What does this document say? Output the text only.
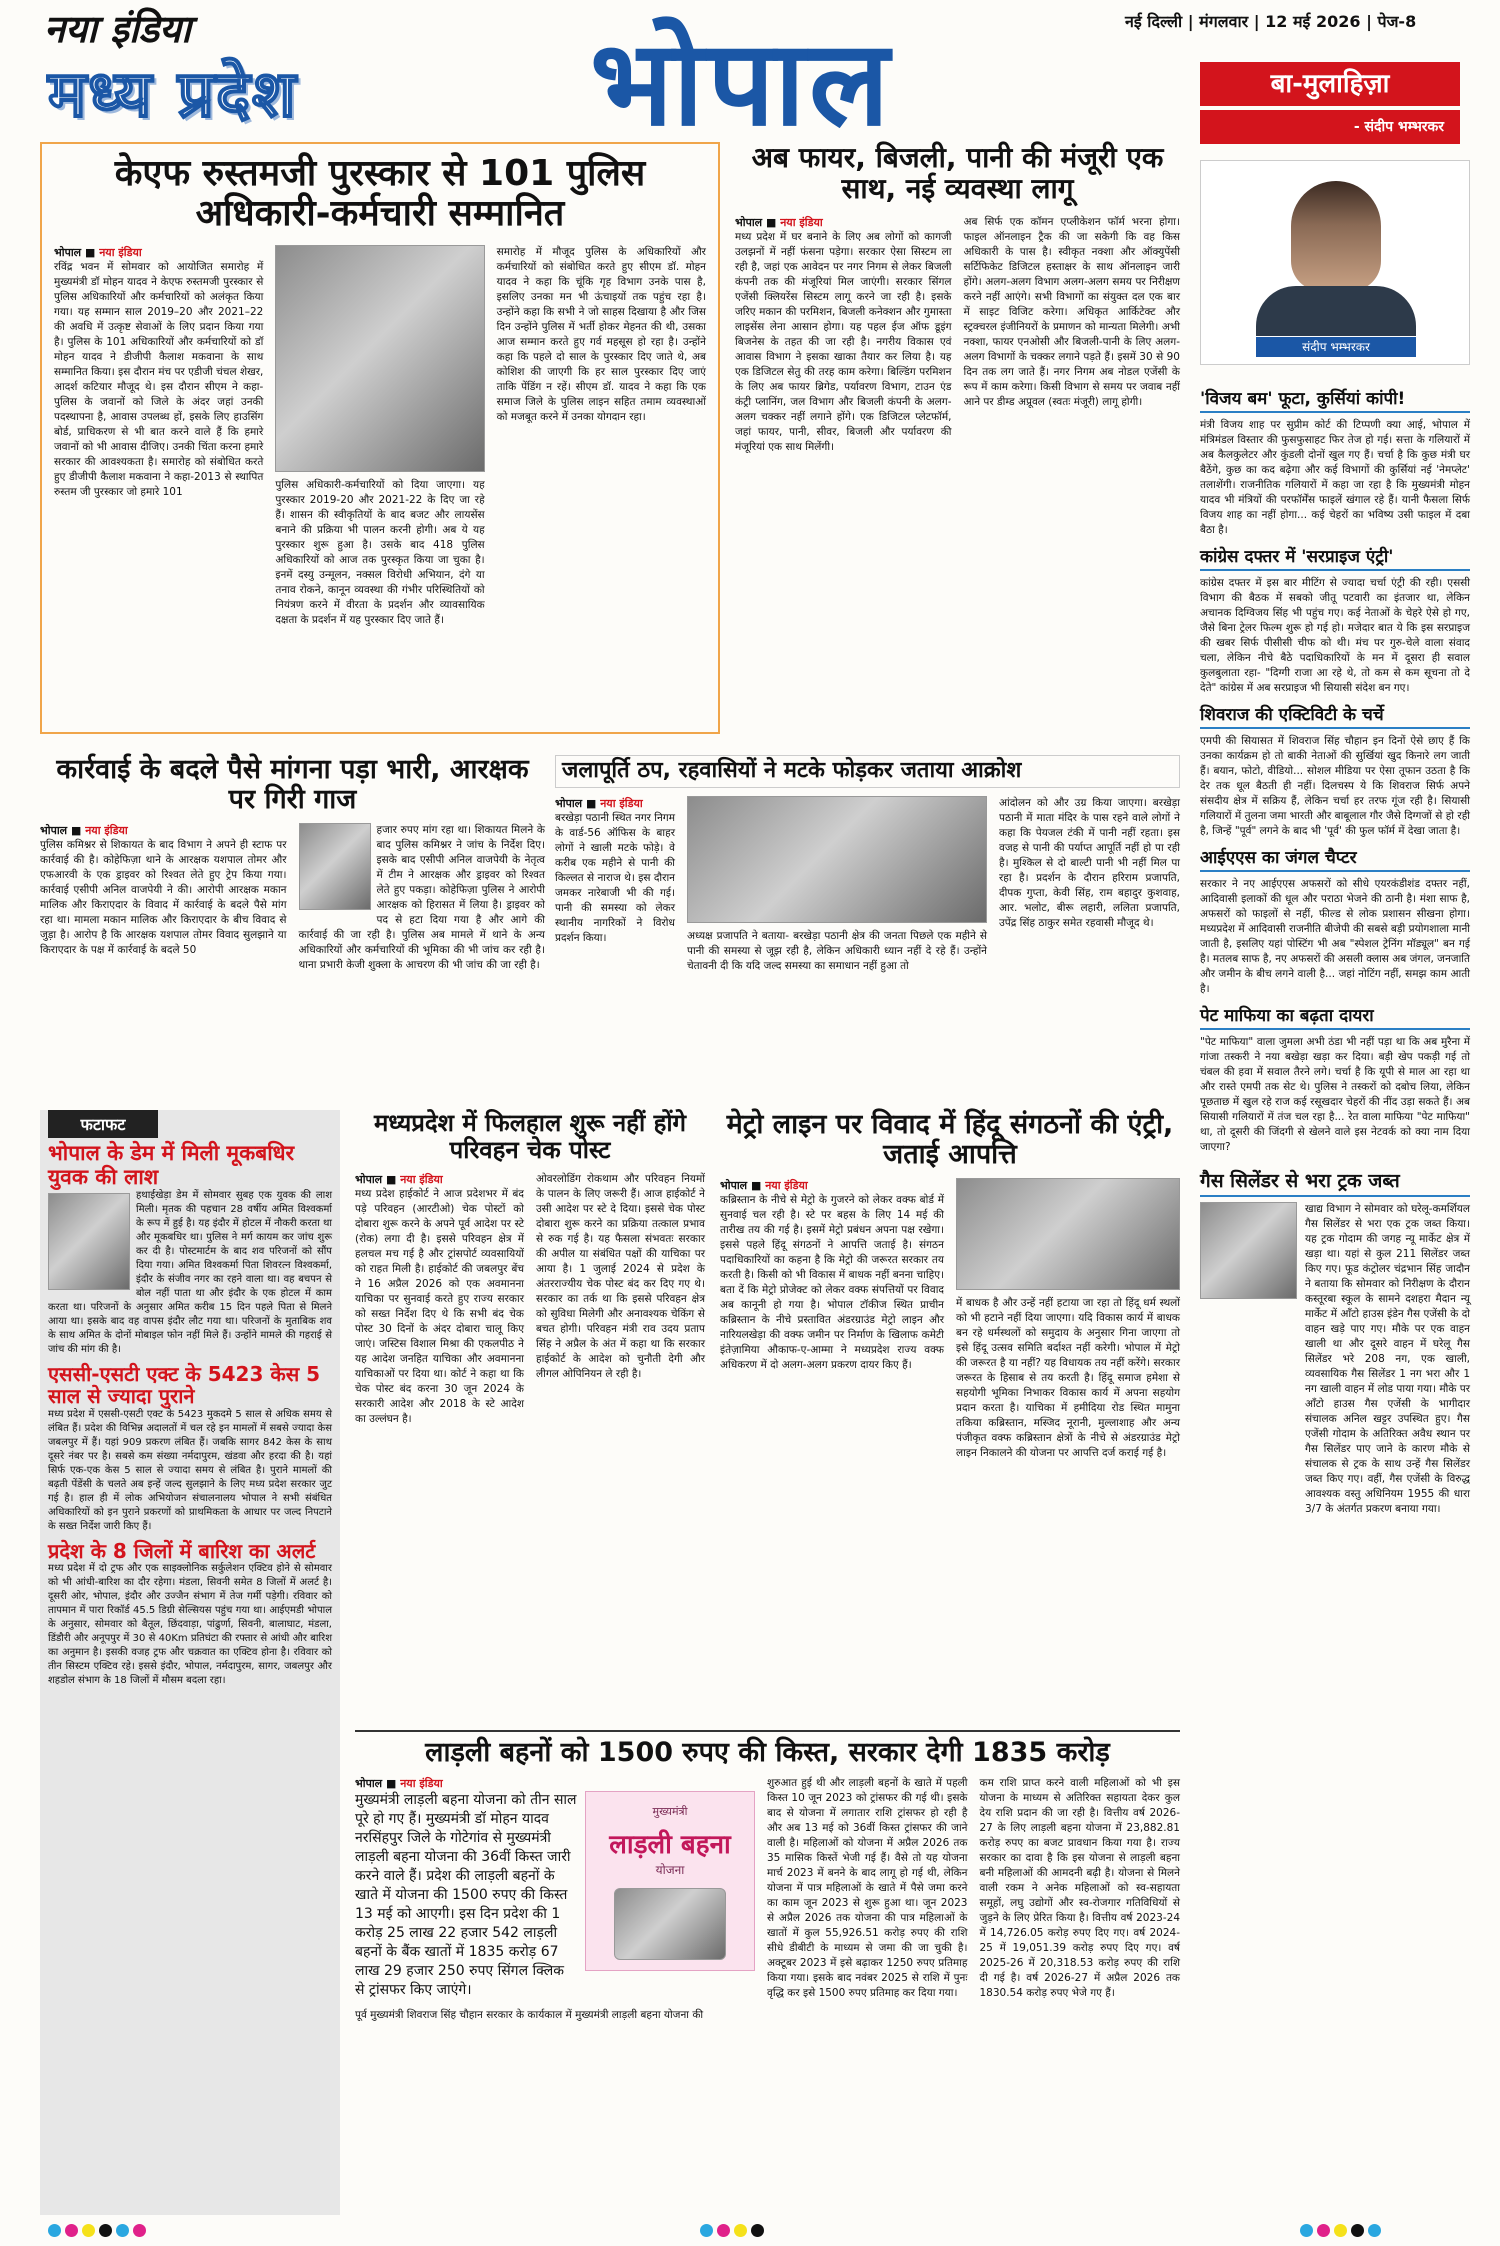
नया इंडिया
मध्य प्रदेश भोपाल	नई दिल्ली | मंगलवार | 12 मई 2026 | पेज-8
बा-मुलाहिज़ा
- संदीप भम्भरकर
केएफ रुस्तमजी पुरस्कार से 101 पुलिस अधिकारी-कर्मचारी सम्मानित
भोपाल ■ नया इंडिया

रविंद्र भवन में सोमवार को आयोजित समारोह में मुख्यमंत्री डॉ मोहन यादव ने केएफ रुस्तमजी पुरस्कार से पुलिस अधिकारियों और कर्मचारियों को अलंकृत किया गया। यह सम्मान साल 2019–20 और 2021–22 की अवधि में उत्कृष्ट सेवाओं के लिए प्रदान किया गया है। पुलिस के 101 अधिकारियों और कर्मचारियों को डॉ मोहन यादव ने डीजीपी कैलाश मकवाना के साथ सम्मानित किया। इस दौरान मंच पर एडीजी चंचल शेखर, आदर्श कटियार मौजूद थे। इस दौरान सीएम ने कहा- पुलिस के जवानों को जिले के अंदर जहां उनकी पदस्थापना है, आवास उपलब्ध हों, इसके लिए हाउसिंग बोर्ड, प्राधिकरण से भी बात करने वाले हैं कि हमारे जवानों को भी आवास दीजिए। उनकी चिंता करना हमारे सरकार की आवश्यकता है। समारोह को संबोधित करते हुए डीजीपी कैलाश मकवाना ने कहा-2013 से स्थापित रुस्तम जी पुरस्कार जो हमारे 101

पुलिस अधिकारी-कर्मचारियों को दिया जाएगा। यह पुरस्कार 2019-20 और 2021-22 के दिए जा रहे हैं। शासन की स्वीकृतियों के बाद बजट और लायसेंस बनाने की प्रक्रिया भी पालन करनी होगी। अब ये यह पुरस्कार शुरू हुआ है। उसके बाद 418 पुलिस अधिकारियों को आज तक पुरस्कृत किया जा चुका है। इनमें दस्यु उन्मूलन, नक्सल विरोधी अभियान, दंगे या तनाव रोकने, कानून व्यवस्था की गंभीर परिस्थितियों को नियंत्रण करने में वीरता के प्रदर्शन और व्यावसायिक दक्षता के प्रदर्शन में यह पुरस्कार दिए जाते हैं।

समारोह में मौजूद पुलिस के अधिकारियों और कर्मचारियों को संबोधित करते हुए सीएम डॉ. मोहन यादव ने कहा कि चूंकि गृह विभाग उनके पास है, इसलिए उनका मन भी ऊंचाइयों तक पहुंच रहा है। उन्होंने कहा कि सभी ने जो साहस दिखाया है और जिस दिन उन्होंने पुलिस में भर्ती होकर मेहनत की थी, उसका आज सम्मान करते हुए गर्व महसूस हो रहा है। उन्होंने कहा कि पहले दो साल के पुरस्कार दिए जाते थे, अब कोशिश की जाएगी कि हर साल पुरस्कार दिए जाएं ताकि पेंडिंग न रहें। सीएम डॉ. यादव ने कहा कि एक समाज जिले के पुलिस लाइन सहित तमाम व्यवस्थाओं को मजबूत करने में उनका योगदान रहा।

अब फायर, बिजली, पानी की मंजूरी एक साथ, नई व्यवस्था लागू
भोपाल ■ नया इंडिया

मध्य प्रदेश में घर बनाने के लिए अब लोगों को कागजी उलझनों में नहीं फंसना पड़ेगा। सरकार ऐसा सिस्टम ला रही है, जहां एक आवेदन पर नगर निगम से लेकर बिजली कंपनी तक की मंजूरियां मिल जाएंगी। सरकार सिंगल एजेंसी क्लियरेंस सिस्टम लागू करने जा रही है। इसके जरिए मकान की परमिशन, बिजली कनेक्शन और गुमास्ता लाइसेंस लेना आसान होगा। यह पहल ईज ऑफ डूइंग बिजनेस के तहत की जा रही है। नगरीय विकास एवं आवास विभाग ने इसका खाका तैयार कर लिया है। यह एक डिजिटल सेतु की तरह काम करेगा। बिल्डिंग परमिशन के लिए अब फायर ब्रिगेड, पर्यावरण विभाग, टाउन एंड कंट्री प्लानिंग, जल विभाग और बिजली कंपनी के अलग-अलग चक्कर नहीं लगाने होंगे। एक डिजिटल प्लेटफॉर्म, जहां फायर, पानी, सीवर, बिजली और पर्यावरण की मंजूरियां एक साथ मिलेंगी।

अब सिर्फ एक कॉमन एप्लीकेशन फॉर्म भरना होगा। फाइल ऑनलाइन ट्रैक की जा सकेगी कि वह किस अधिकारी के पास है। स्वीकृत नक्शा और ऑक्युपेंसी सर्टिफिकेट डिजिटल हस्ताक्षर के साथ ऑनलाइन जारी होंगे। अलग-अलग विभाग अलग-अलग समय पर निरीक्षण करने नहीं आएंगे। सभी विभागों का संयुक्त दल एक बार में साइट विजिट करेगा। अधिकृत आर्किटेक्ट और स्ट्रक्चरल इंजीनियरों के प्रमाणन को मान्यता मिलेगी। अभी नक्शा, फायर एनओसी और बिजली-पानी के लिए अलग-अलग विभागों के चक्कर लगाने पड़ते हैं। इसमें 30 से 90 दिन तक लग जाते हैं। नगर निगम अब नोडल एजेंसी के रूप में काम करेगा। किसी विभाग से समय पर जवाब नहीं आने पर डीम्ड अप्रूवल (स्वतः मंजूरी) लागू होगी।

संदीप भम्भरकर
'विजय बम' फूटा, कुर्सियां कांपी!

मंत्री विजय शाह पर सुप्रीम कोर्ट की टिप्पणी क्या आई, भोपाल में मंत्रिमंडल विस्तार की फुसफुसाहट फिर तेज हो गई। सत्ता के गलियारों में अब कैलकुलेटर और कुंडली दोनों खुल गए हैं। चर्चा है कि कुछ मंत्री घर बैठेंगे, कुछ का कद बढ़ेगा और कई विभागों की कुर्सियां नई 'नेमप्लेट' तलाशेंगी। राजनीतिक गलियारों में कहा जा रहा है कि मुख्यमंत्री मोहन यादव भी मंत्रियों की परफॉर्मेंस फाइलें खंगाल रहे हैं। यानी फैसला सिर्फ विजय शाह का नहीं होगा... कई चेहरों का भविष्य उसी फाइल में दबा बैठा है।

कांग्रेस दफ्तर में 'सरप्राइज एंट्री'

कांग्रेस दफ्तर में इस बार मीटिंग से ज्यादा चर्चा एंट्री की रही। एससी विभाग की बैठक में सबको जीतू पटवारी का इंतजार था, लेकिन अचानक दिग्विजय सिंह भी पहुंच गए। कई नेताओं के चेहरे ऐसे हो गए, जैसे बिना ट्रेलर फिल्म शुरू हो गई हो। मजेदार बात ये कि इस सरप्राइज की खबर सिर्फ पीसीसी चीफ को थी। मंच पर गुरु-चेले वाला संवाद चला, लेकिन नीचे बैठे पदाधिकारियों के मन में दूसरा ही सवाल कुलबुलाता रहा- "दिग्गी राजा आ रहे थे, तो कम से कम सूचना तो दे देते" कांग्रेस में अब सरप्राइज भी सियासी संदेश बन गए।

शिवराज की एक्टिविटी के चर्चे

एमपी की सियासत में शिवराज सिंह चौहान इन दिनों ऐसे छाए हैं कि उनका कार्यक्रम हो तो बाकी नेताओं की सुर्खियां खुद किनारे लग जाती हैं। बयान, फोटो, वीडियो... सोशल मीडिया पर ऐसा तूफान उठता है कि देर तक धूल बैठती ही नहीं। दिलचस्प ये कि शिवराज सिर्फ अपने संसदीय क्षेत्र में सक्रिय हैं, लेकिन चर्चा हर तरफ गूंज रही है। सियासी गलियारों में तुलना जमा भारती और बाबूलाल गौर जैसे दिग्गजों से हो रही है, जिन्हें "पूर्व" लगने के बाद भी 'पूर्व' की फुल फॉर्म में देखा जाता है।

आईएएस का जंगल चैप्टर

सरकार ने नए आईएएस अफसरों को सीधे एयरकंडीशंड दफ्तर नहीं, आदिवासी इलाकों की धूल और पराठा भेजने की ठानी है। मंशा साफ है, अफसरों को फाइलों से नहीं, फील्ड से लोक प्रशासन सीखना होगा। मध्यप्रदेश में आदिवासी राजनीति बीजेपी की सबसे बड़ी प्रयोगशाला मानी जाती है, इसलिए यहां पोस्टिंग भी अब "स्पेशल ट्रेनिंग मॉड्यूल" बन गई है। मतलब साफ है, नए अफसरों की असली क्लास अब जंगल, जनजाति और जमीन के बीच लगने वाली है... जहां नोटिंग नहीं, समझ काम आती है।

पेट माफिया का बढ़ता दायरा

"पेट माफिया" वाला जुमला अभी ठंडा भी नहीं पड़ा था कि अब मुरैना में गांजा तस्करी ने नया बखेड़ा खड़ा कर दिया। बड़ी खेप पकड़ी गई तो चंबल की हवा में सवाल तैरने लगे। चर्चा है कि यूपी से माल आ रहा था और रास्ते एमपी तक सेट थे। पुलिस ने तस्करों को दबोच लिया, लेकिन पूछताछ में खुल रहे राज कई रसूखदार चेहरों की नींद उड़ा सकते हैं। अब सियासी गलियारों में तंज चल रहा है... रेत वाला माफिया "पेट माफिया" था, तो दूसरी की जिंदगी से खेलने वाले इस नेटवर्क को क्या नाम दिया जाएगा?

गैस सिलेंडर से भरा ट्रक जब्त

खाद्य विभाग ने सोमवार को घरेलू-कमर्शियल गैस सिलेंडर से भरा एक ट्रक जब्त किया। यह ट्रक गोदाम की जगह न्यू मार्केट क्षेत्र में खड़ा था। यहां से कुल 211 सिलेंडर जब्त किए गए। फूड कंट्रोलर चंद्रभान सिंह जादौन ने बताया कि सोमवार को निरीक्षण के दौरान कस्तूरबा स्कूल के सामने दशहरा मैदान न्यू मार्केट में आँटो हाउस इंडेन गैस एजेंसी के दो वाहन खड़े पाए गए। मौके पर एक वाहन खाली था और दूसरे वाहन में घरेलू गैस सिलेंडर भरे 208 नग, एक खाली, व्यवसायिक गैस सिलेंडर 1 नग भरा और 1 नग खाली वाहन में लोड पाया गया। मौके पर आँटो हाउस गैस एजेंसी के भागीदार संचालक अनिल खट्टर उपस्थित हुए। गैस एजेंसी गोदाम के अतिरिक्त अवैध स्थान पर गैस सिलेंडर पाए जाने के कारण मौके से संचालक से ट्रक के साथ उन्हें गैस सिलेंडर जब्त किए गए। वहीं, गैस एजेंसी के विरुद्ध आवश्यक वस्तु अधिनियम 1955 की धारा 3/7 के अंतर्गत प्रकरण बनाया गया।

कार्रवाई के बदले पैसे मांगना पड़ा भारी, आरक्षक पर गिरी गाज
भोपाल ■ नया इंडिया

पुलिस कमिश्नर से शिकायत के बाद विभाग ने अपने ही स्टाफ पर कार्रवाई की है। कोहेफिज़ा थाने के आरक्षक यशपाल तोमर और एफआरवी के एक ड्राइवर को रिश्वत लेते हुए ट्रेप किया गया। कार्रवाई एसीपी अनिल वाजपेयी ने की। आरोपी आरक्षक मकान मालिक और किराएदार के विवाद में कार्रवाई के बदले पैसे मांग रहा था। मामला मकान मालिक और किराएदार के बीच विवाद से जुड़ा है। आरोप है कि आरक्षक यशपाल तोमर विवाद सुलझाने या किराएदार के पक्ष में कार्रवाई के बदले 50

हजार रुपए मांग रहा था। शिकायत मिलने के बाद पुलिस कमिश्नर ने जांच के निर्देश दिए। इसके बाद एसीपी अनिल वाजपेयी के नेतृत्व में टीम ने आरक्षक और ड्राइवर को रिश्वत लेते हुए पकड़ा। कोहेफिज़ा पुलिस ने आरोपी आरक्षक को हिरासत में लिया है। ड्राइवर को पद से हटा दिया गया है और आगे की कार्रवाई की जा रही है। पुलिस अब मामले में थाने के अन्य अधिकारियों और कर्मचारियों की भूमिका की भी जांच कर रही है। थाना प्रभारी केजी शुक्ला के आचरण की भी जांच की जा रही है।

जलापूर्ति ठप, रहवासियों ने मटके फोड़कर जताया आक्रोश
भोपाल ■ नया इंडिया

बरखेड़ा पठानी स्थित नगर निगम के वार्ड-56 ऑफिस के बाहर लोगों ने खाली मटके फोड़े। वे करीब एक महीने से पानी की किल्लत से नाराज थे। इस दौरान जमकर नारेबाजी भी की गई। पानी की समस्या को लेकर स्थानीय नागरिकों ने विरोध प्रदर्शन किया।	अध्यक्ष प्रजापति ने बताया- बरखेड़ा पठानी क्षेत्र की जनता पिछले एक महीने से पानी की समस्या से जूझ रही है, लेकिन अधिकारी ध्यान नहीं दे रहे हैं। उन्होंने चेतावनी दी कि यदि जल्द समस्या का समाधान नहीं हुआ तो

आंदोलन को और उग्र किया जाएगा। बरखेड़ा पठानी में माता मंदिर के पास रहने वाले लोगों ने कहा कि पेयजल टंकी में पानी नहीं रहता। इस वजह से पानी की पर्याप्त आपूर्ति नहीं हो पा रही है। मुश्किल से दो बाल्टी पानी भी नहीं मिल पा रहा है। प्रदर्शन के दौरान हरिराम प्रजापति, दीपक गुप्ता, केवी सिंह, राम बहादुर कुशवाह, आर. भलोट, बीरू लहारी, ललिता प्रजापति, उपेंद्र सिंह ठाकुर समेत रहवासी मौजूद थे।

फटाफट
भोपाल के डेम में मिली मूकबधिर युवक की लाश

हथाईखेड़ा डेम में सोमवार सुबह एक युवक की लाश मिली। मृतक की पहचान 28 वर्षीय अमित विश्वकर्मा के रूप में हुई है। यह इंदौर में होटल में नौकरी करता था और मूकबधिर था। पुलिस ने मर्ग कायम कर जांच शुरू कर दी है। पोस्टमार्टम के बाद शव परिजनों को सौंप दिया गया। अमित विश्वकर्मा पिता शिवरत्न विश्वकर्मा, इंदौर के संजीव नगर का रहने वाला था। वह बचपन से बोल नहीं पाता था और इंदौर के एक होटल में काम करता था। परिजनों के अनुसार अमित करीब 15 दिन पहले पिता से मिलने आया था। इसके बाद वह वापस इंदौर लौट गया था। परिजनों के मुताबिक शव के साथ अमित के दोनों मोबाइल फोन नहीं मिले हैं। उन्होंने मामले की गहराई से जांच की मांग की है।

एससी-एसटी एक्ट के 5423 केस 5 साल से ज्यादा पुराने

मध्य प्रदेश में एससी-एसटी एक्ट के 5423 मुकदमे 5 साल से अधिक समय से लंबित हैं। प्रदेश की विभिन्न अदालतों में चल रहे इन मामलों में सबसे ज्यादा केस जबलपुर में हैं। यहां 909 प्रकरण लंबित हैं। जबकि सागर 842 केस के साथ दूसरे नंबर पर है। सबसे कम संख्या नर्मदापुरम, खंडवा और हरदा की है। यहां सिर्फ एक-एक केस 5 साल से ज्यादा समय से लंबित है। पुराने मामलों की बढ़ती पेंडेंसी के चलते अब इन्हें जल्द सुलझाने के लिए मध्य प्रदेश सरकार जुट गई है। हाल ही में लोक अभियोजन संचालनालय भोपाल ने सभी संबंधित अधिकारियों को इन पुराने प्रकरणों को प्राथमिकता के आधार पर जल्द निपटाने के सख्त निर्देश जारी किए हैं।

प्रदेश के 8 जिलों में बारिश का अलर्ट

मध्य प्रदेश में दो ट्रफ और एक साइक्लोनिक सर्कुलेशन एक्टिव होने से सोमवार को भी आंधी-बारिश का दौर रहेगा। मंडला, सिवनी समेत 8 जिलों में अलर्ट है। दूसरी ओर, भोपाल, इंदौर और उज्जैन संभाग में तेज गर्मी पड़ेगी। रविवार को तापमान में पारा रिकॉर्ड 45.5 डिग्री सेल्सियस पहुंच गया था। आईएमडी भोपाल के अनुसार, सोमवार को बैतूल, छिंदवाड़ा, पांढुर्णा, सिवनी, बालाघाट, मंडला, डिंडौरी और अनूपपुर में 30 से 40Km प्रतिघंटा की रफ्तार से आंधी और बारिश का अनुमान है। इसकी वजह ट्रफ और चक्रवात का एक्टिव होना है। रविवार को तीन सिस्टम एक्टिव रहे। इससे इंदौर, भोपाल, नर्मदापुरम, सागर, जबलपुर और शहडोल संभाग के 18 जिलों में मौसम बदला रहा।

मध्यप्रदेश में फिलहाल शुरू नहीं होंगे परिवहन चेक पोस्ट
भोपाल ■ नया इंडिया

मध्य प्रदेश हाईकोर्ट ने आज प्रदेशभर में बंद पड़े परिवहन (आरटीओ) चेक पोस्टों को दोबारा शुरू करने के अपने पूर्व आदेश पर स्टे (रोक) लगा दी है। इससे परिवहन क्षेत्र में हलचल मच गई है और ट्रांसपोर्ट व्यवसायियों को राहत मिली है। हाईकोर्ट की जबलपुर बेंच ने 16 अप्रैल 2026 को एक अवमानना याचिका पर सुनवाई करते हुए राज्य सरकार को सख्त निर्देश दिए थे कि सभी बंद चेक पोस्ट 30 दिनों के अंदर दोबारा चालू किए जाएं। जस्टिस विशाल मिश्रा की एकलपीठ ने यह आदेश जनहित याचिका और अवमानना याचिकाओं पर दिया था। कोर्ट ने कहा था कि चेक पोस्ट बंद करना 30 जून 2024 के सरकारी आदेश और 2018 के स्टे आदेश का उल्लंघन है।

ओवरलोडिंग रोकथाम और परिवहन नियमों के पालन के लिए जरूरी हैं। आज हाईकोर्ट ने उसी आदेश पर स्टे दे दिया। इससे चेक पोस्ट दोबारा शुरू करने का प्रक्रिया तत्काल प्रभाव से रुक गई है। यह फैसला संभवतः सरकार की अपील या संबंधित पक्षों की याचिका पर आया है। 1 जुलाई 2024 से प्रदेश के अंतरराज्यीय चेक पोस्ट बंद कर दिए गए थे। सरकार का तर्क था कि इससे परिवहन क्षेत्र को सुविधा मिलेगी और अनावश्यक चेकिंग से बचत होगी। परिवहन मंत्री राव उदय प्रताप सिंह ने अप्रैल के अंत में कहा था कि सरकार हाईकोर्ट के आदेश को चुनौती देगी और लीगल ओपिनियन ले रही है।

मेट्रो लाइन पर विवाद में हिंदू संगठनों की एंट्री, जताई आपत्ति
भोपाल ■ नया इंडिया

कब्रिस्तान के नीचे से मेट्रो के गुजरने को लेकर वक्फ बोर्ड में सुनवाई चल रही है। स्टे पर बहस के लिए 14 मई की तारीख तय की गई है। इसमें मेट्रो प्रबंधन अपना पक्ष रखेगा। इससे पहले हिंदू संगठनों ने आपत्ति जताई है। संगठन पदाधिकारियों का कहना है कि मेट्रो की जरूरत सरकार तय करती है। किसी को भी विकास में बाधक नहीं बनना चाहिए। बता दें कि मेट्रो प्रोजेक्ट को लेकर वक्फ संपत्तियों पर विवाद अब कानूनी हो गया है। भोपाल टॉकीज स्थित प्राचीन कब्रिस्तान के नीचे प्रस्तावित अंडरग्राउंड मेट्रो लाइन और नारियलखेड़ा की वक्फ जमीन पर निर्माण के खिलाफ कमेटी इंतेज़ामिया औकाफ-ए-आम्मा ने मध्यप्रदेश राज्य वक्फ अधिकरण में दो अलग-अलग प्रकरण दायर किए हैं।

में बाधक है और उन्हें नहीं हटाया जा रहा तो हिंदू धर्म स्थलों को भी हटाने नहीं दिया जाएगा। यदि विकास कार्य में बाधक बन रहे धर्मस्थलों को समुदाय के अनुसार गिना जाएगा तो इसे हिंदू उत्सव समिति बर्दाश्त नहीं करेगी। भोपाल में मेट्रो की जरूरत है या नहीं? यह विधायक तय नहीं करेंगे। सरकार जरूरत के हिसाब से तय करती है। हिंदू समाज हमेशा से सहयोगी भूमिका निभाकर विकास कार्य में अपना सहयोग प्रदान करता है। याचिका में हमीदिया रोड स्थित मामुना तकिया कब्रिस्तान, मस्जिद नूरानी, मुल्लाशाह और अन्य पंजीकृत वक्फ कब्रिस्तान क्षेत्रों के नीचे से अंडरग्राउंड मेट्रो लाइन निकालने की योजना पर आपत्ति दर्ज कराई गई है।

लाड़ली बहनों को 1500 रुपए की किस्त, सरकार देगी 1835 करोड़
भोपाल ■ नया इंडिया

मुख्यमंत्री लाड़ली बहना योजना को तीन साल पूरे हो गए हैं। मुख्यमंत्री डॉ मोहन यादव नरसिंहपुर जिले के गोटेगांव से मुख्यमंत्री लाड़ली बहना योजना की 36वीं किस्त जारी करने वाले हैं। प्रदेश की लाड़ली बहनों के खाते में योजना की 1500 रुपए की किस्त 13 मई को आएगी। इस दिन प्रदेश की 1 करोड़ 25 लाख 22 हजार 542 लाड़ली बहनों के बैंक खातों में 1835 करोड़ 67 लाख 29 हजार 250 रुपए सिंगल क्लिक से ट्रांसफर किए जाएंगे।

मुख्यमंत्री
लाड़ली बहना
योजना

पूर्व मुख्यमंत्री शिवराज सिंह चौहान सरकार के कार्यकाल में मुख्यमंत्री लाड़ली बहना योजना की

शुरुआत हुई थी और लाड़ली बहनों के खाते में पहली किस्त 10 जून 2023 को ट्रांसफर की गई थी। इसके बाद से योजना में लगातार राशि ट्रांसफर हो रही है और अब 13 मई को 36वीं किस्त ट्रांसफर की जाने वाली है। महिलाओं को योजना में अप्रैल 2026 तक 35 मासिक किस्तें भेजी गई हैं। वैसे तो यह योजना मार्च 2023 में बनने के बाद लागू हो गई थी, लेकिन योजना में पात्र महिलाओं के खाते में पैसे जमा करने का काम जून 2023 से शुरू हुआ था। जून 2023 से अप्रैल 2026 तक योजना की पात्र महिलाओं के खातों में कुल 55,926.51 करोड़ रुपए की राशि सीधे डीबीटी के माध्यम से जमा की जा चुकी है। अक्टूबर 2023 में इसे बढ़ाकर 1250 रुपए प्रतिमाह किया गया। इसके बाद नवंबर 2025 से राशि में पुनः वृद्धि कर इसे 1500 रुपए प्रतिमाह कर दिया गया।

कम राशि प्राप्त करने वाली महिलाओं को भी इस योजना के माध्यम से अतिरिक्त सहायता देकर कुल देय राशि प्रदान की जा रही है। वित्तीय वर्ष 2026-27 के लिए लाड़ली बहना योजना में 23,882.81 करोड़ रुपए का बजट प्रावधान किया गया है। राज्य सरकार का दावा है कि इस योजना से लाड़ली बहना बनी महिलाओं की आमदनी बढ़ी है। योजना से मिलने वाली रकम ने अनेक महिलाओं को स्व-सहायता समूहों, लघु उद्योगों और स्व-रोजगार गतिविधियों से जुड़ने के लिए प्रेरित किया है। वित्तीय वर्ष 2023-24 में 14,726.05 करोड़ रुपए दिए गए। वर्ष 2024-25 में 19,051.39 करोड़ रुपए दिए गए। वर्ष 2025-26 में 20,318.53 करोड़ रुपए की राशि दी गई है। वर्ष 2026-27 में अप्रैल 2026 तक 1830.54 करोड़ रुपए भेजे गए हैं।
